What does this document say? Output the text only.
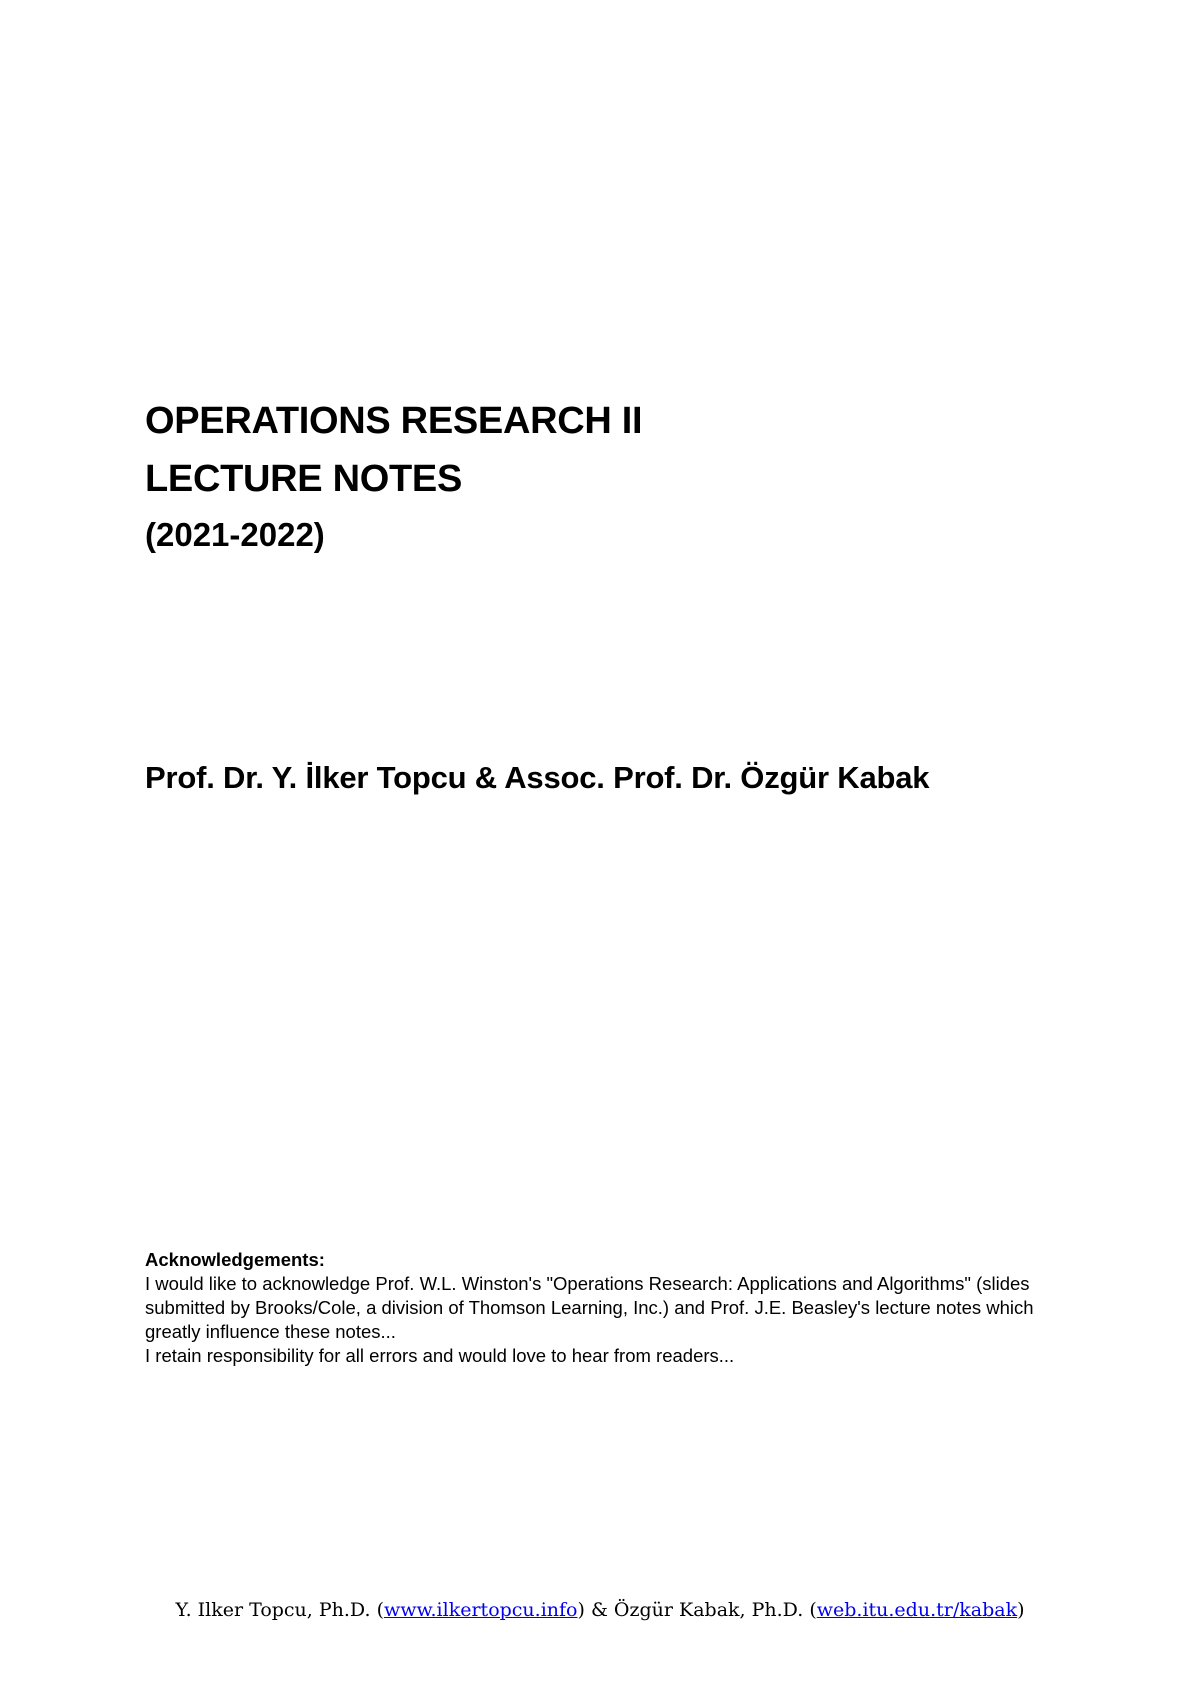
OPERATIONS RESEARCH II
LECTURE NOTES
(2021-2022)
Prof. Dr. Y. İlker Topcu & Assoc. Prof. Dr. Özgür Kabak

Acknowledgements:

I would like to acknowledge Prof. W.L. Winston's "Operations Research: Applications and Algorithms" (slides submitted by Brooks/Cole, a division of Thomson Learning, Inc.) and Prof. J.E. Beasley's lecture notes which greatly influence these notes...

I retain responsibility for all errors and would love to hear from readers...

Y. Ilker Topcu, Ph.D. (www.ilkertopcu.info) & Özgür Kabak, Ph.D. (web.itu.edu.tr/kabak)
